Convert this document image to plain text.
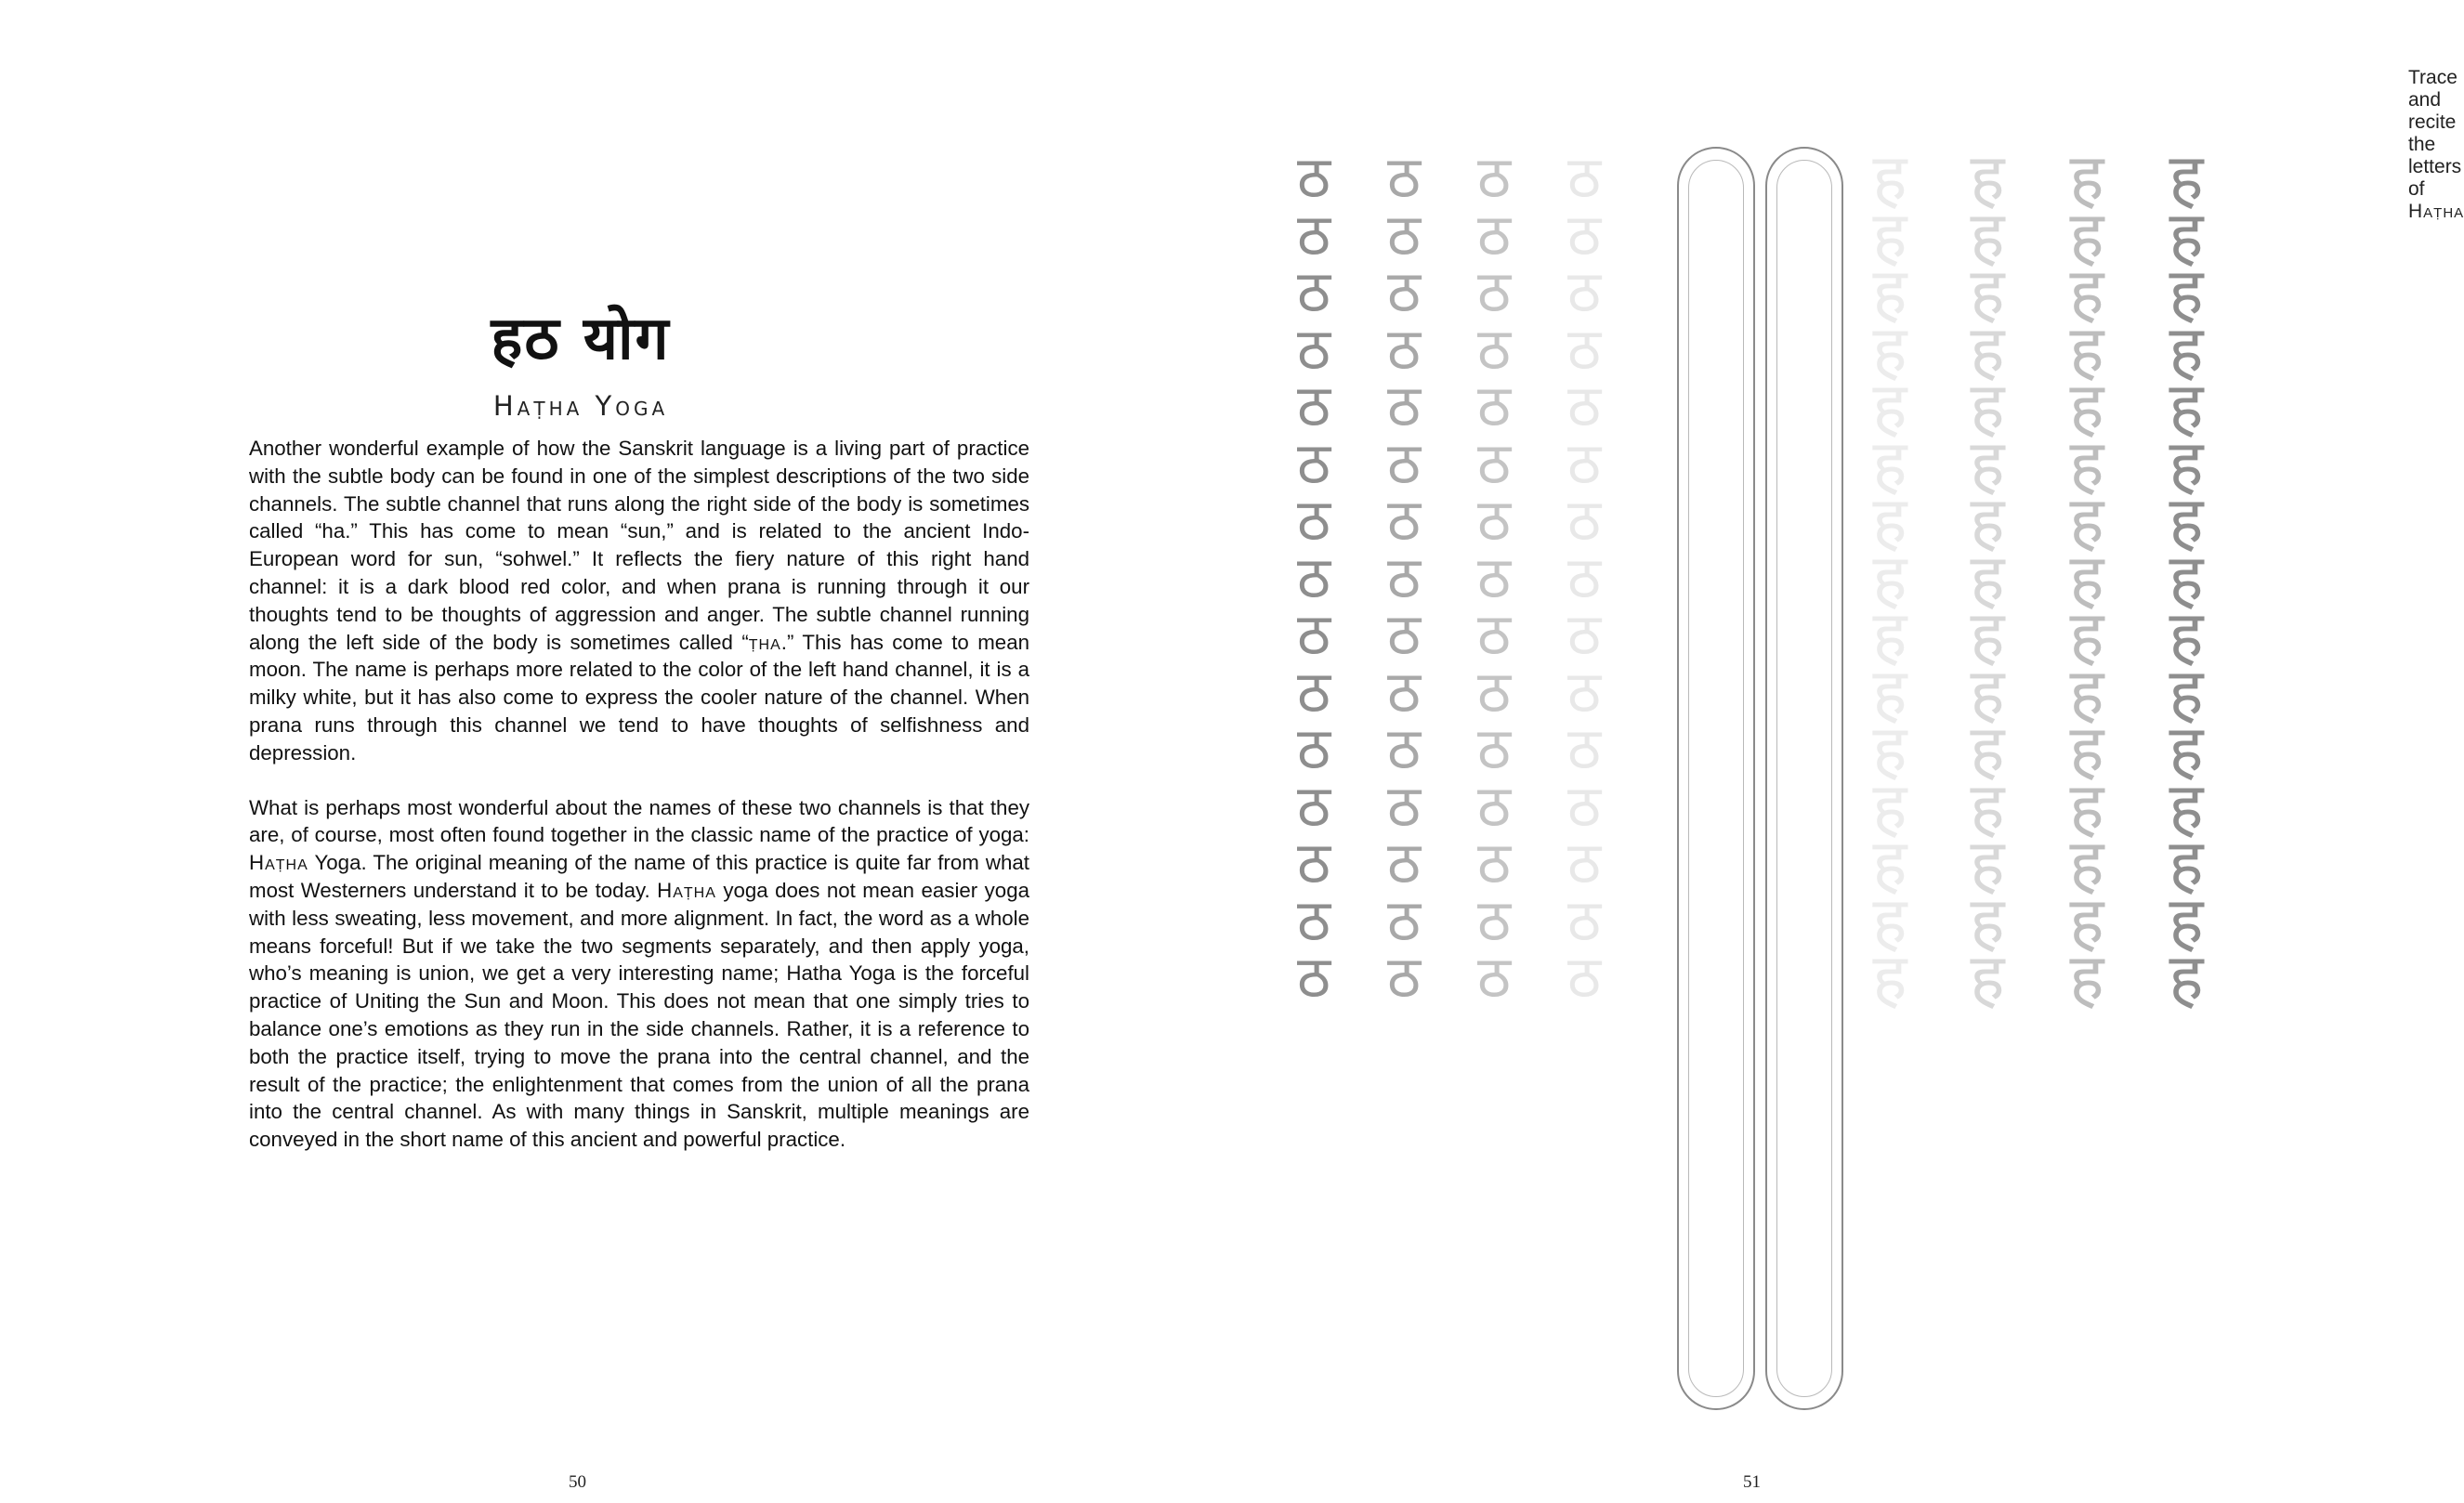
हठ योग
Haṭha Yoga

Another wonderful example of how the Sanskrit language is a living part of practice with the subtle body can be found in one of the simplest descriptions of the two side channels. The subtle channel that runs along the right side of the body is sometimes called “ha.” This has come to mean “sun,” and is related to the ancient Indo-European word for sun, “sohwel.” It reflects the fiery nature of this right hand channel: it is a dark blood red color, and when prana is running through it our thoughts tend to be thoughts of aggression and anger. The subtle channel running along the left side of the body is sometimes called “ṭha.” This has come to mean moon. The name is perhaps more related to the color of the left hand channel, it is a milky white, but it has also come to express the cooler nature of the channel. When prana runs through this channel we tend to have thoughts of selfishness and depression.

What is perhaps most wonderful about the names of these two channels is that they are, of course, most often found together in the classic name of the practice of yoga: Haṭha Yoga. The original meaning of the name of this practice is quite far from what most Westerners understand it to be today. Haṭha yoga does not mean easier yoga with less sweating, less movement, and more alignment. In fact, the word as a whole means forceful! But if we take the two segments separately, and then apply yoga, who’s meaning is union, we get a very interesting name; Hatha Yoga is the forceful practice of Uniting the Sun and Moon. This does not mean that one simply tries to balance one’s emotions as they run in the side channels. Rather, it is a reference to both the practice itself, trying to move the prana into the central channel, and the result of the practice; the enlightenment that comes from the union of all the prana into the central channel. As with many things in Sanskrit, multiple meanings are conveyed in the short name of this ancient and powerful practice.

50
Trace and recite the letters of Haṭha
ठ
ठ
ठ
ठ
ठ
ठ
ठ
ठ
ठ
ठ
ठ
ठ
ठ
ठ
ठ
ठ
ठ
ठ
ठ
ठ
ठ
ठ
ठ
ठ
ठ
ठ
ठ
ठ
ठ
ठ
ठ
ठ
ठ
ठ
ठ
ठ
ठ
ठ
ठ
ठ
ठ
ठ
ठ
ठ
ठ
ठ
ठ
ठ
ठ
ठ
ठ
ठ
ठ
ठ
ठ
ठ
ठ
ठ
ठ
ठ
ह
ह
ह
ह
ह
ह
ह
ह
ह
ह
ह
ह
ह
ह
ह
ह
ह
ह
ह
ह
ह
ह
ह
ह
ह
ह
ह
ह
ह
ह
ह
ह
ह
ह
ह
ह
ह
ह
ह
ह
ह
ह
ह
ह
ह
ह
ह
ह
ह
ह
ह
ह
ह
ह
ह
ह
ह
ह
ह
ह
51
